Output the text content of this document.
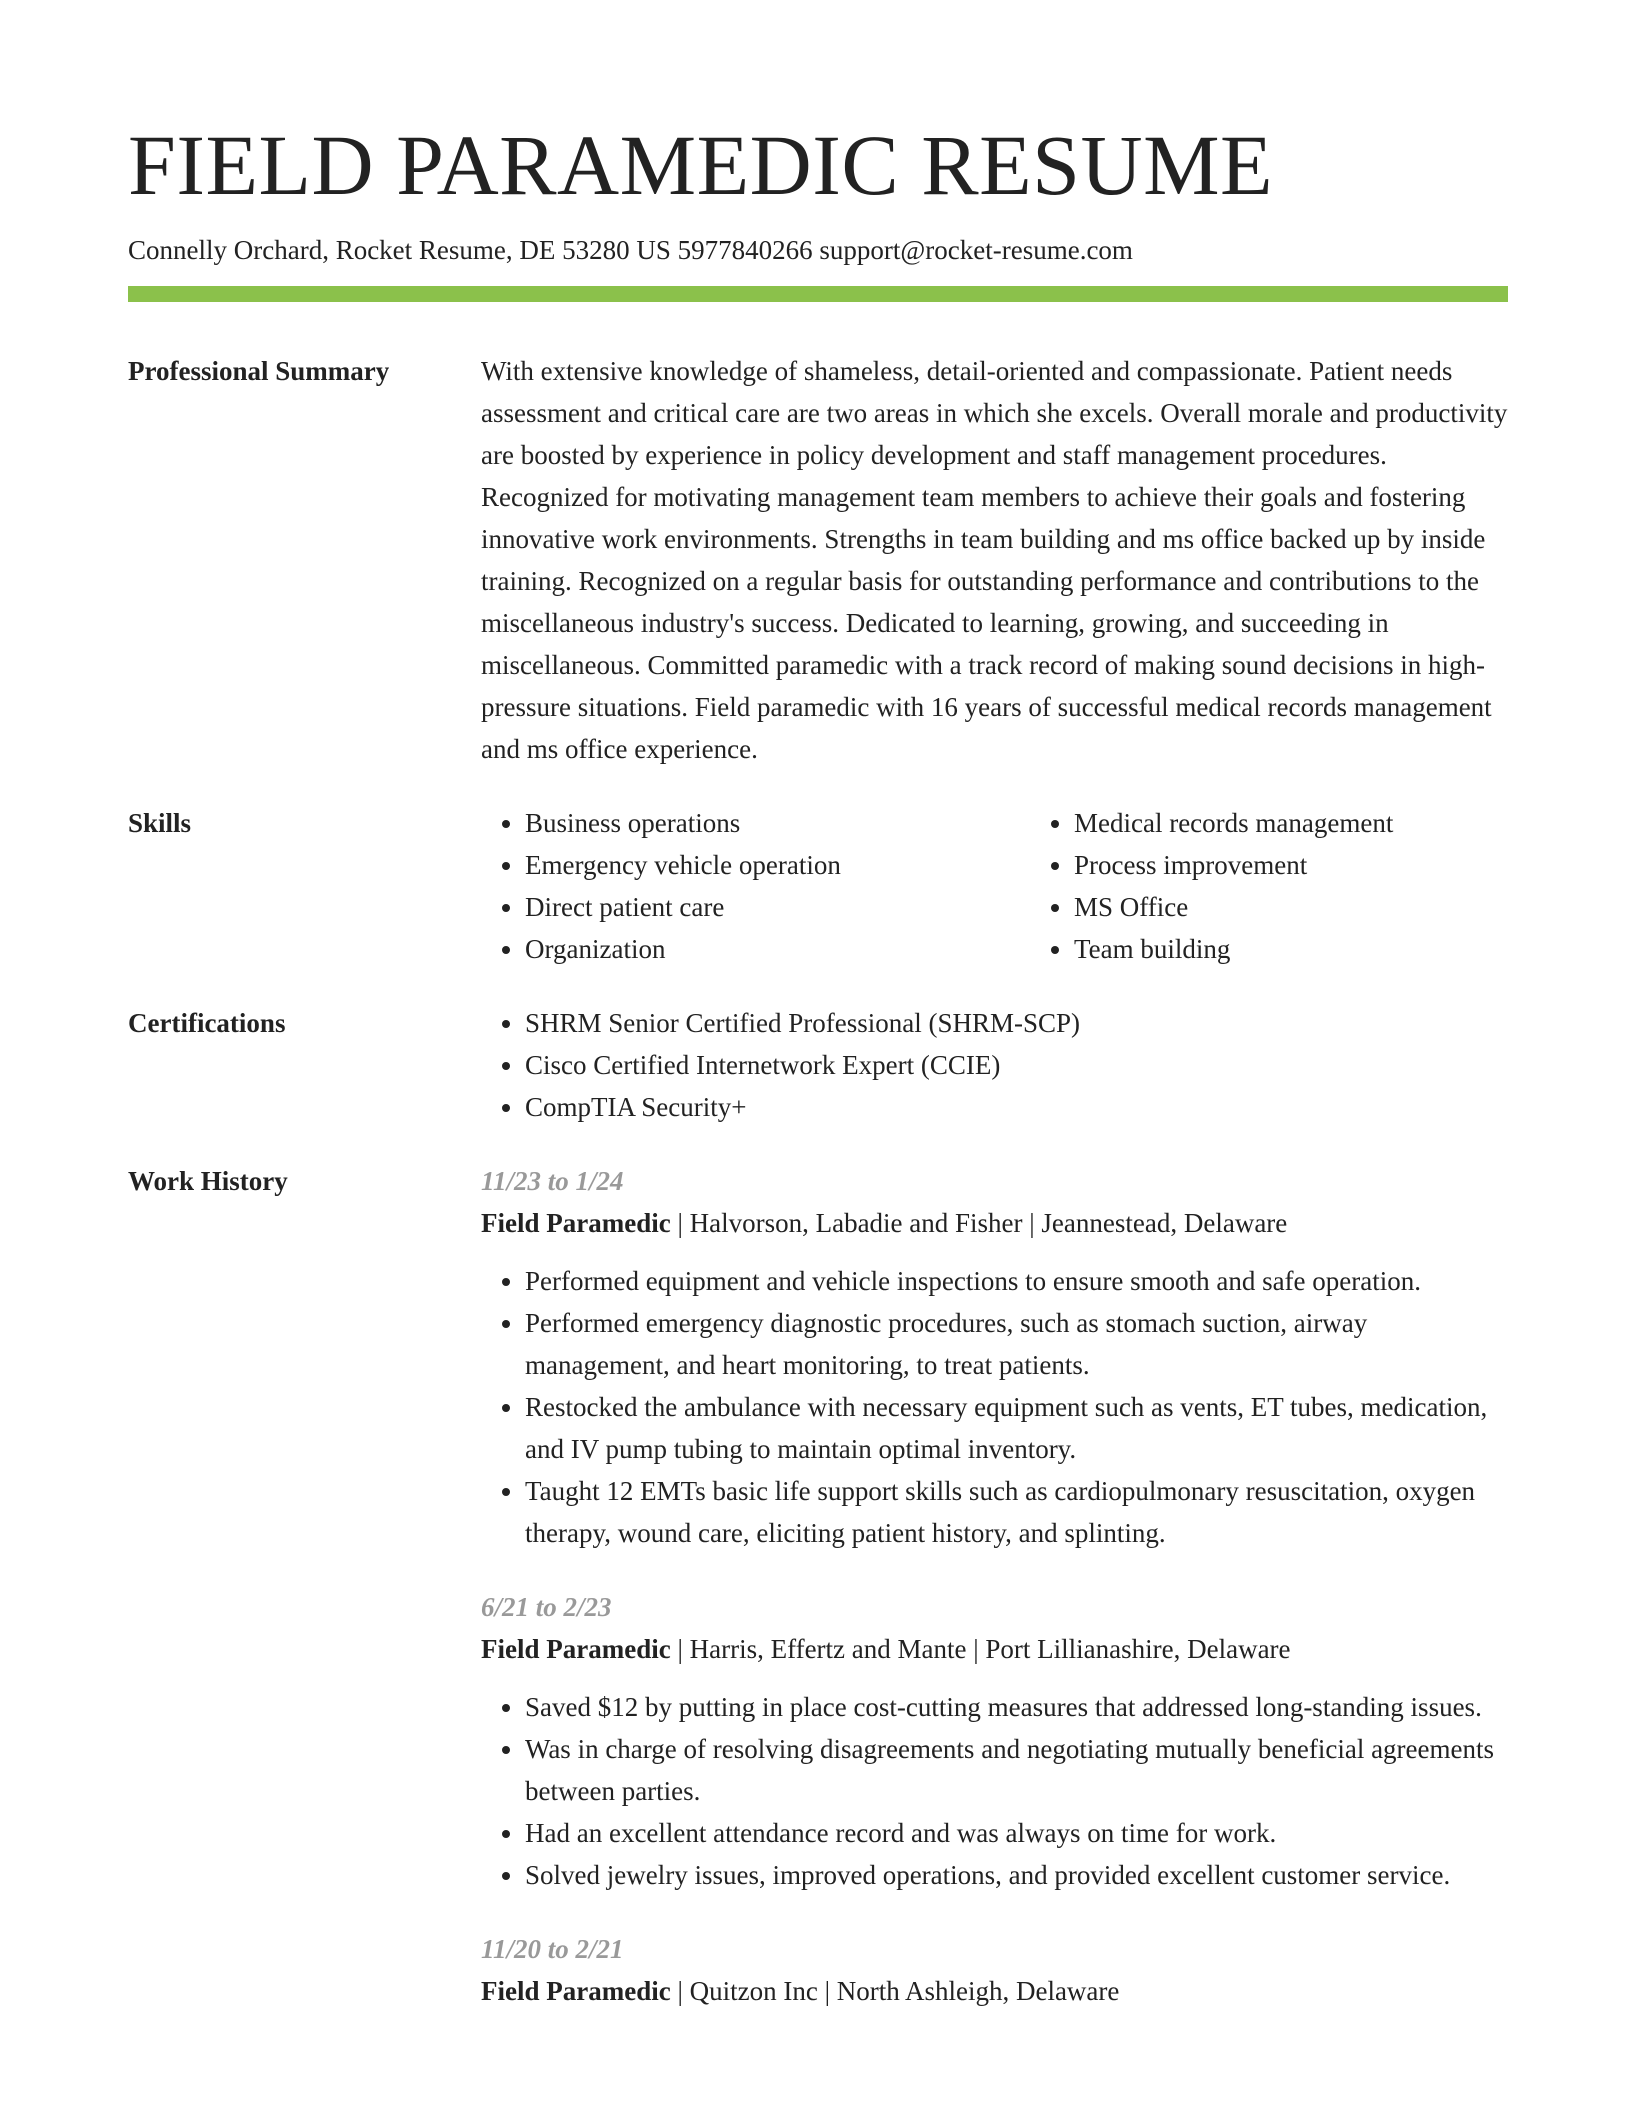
FIELD PARAMEDIC RESUME
Connelly Orchard, Rocket Resume, DE 53280 US 5977840266 support@rocket-resume.com
Professional Summary	With extensive knowledge of shameless, detail-oriented and compassionate. Patient needs assessment and critical care are two areas in which she excels. Overall morale and productivity are boosted by experience in policy development and staff management procedures. Recognized for motivating management team members to achieve their goals and fostering innovative work environments. Strengths in team building and ms office backed up by inside training. Recognized on a regular basis for outstanding performance and contributions to the miscellaneous industry's success. Dedicated to learning, growing, and succeeding in miscellaneous. Committed paramedic with a track record of making sound decisions in high-pressure situations. Field paramedic with 16 years of successful medical records management and ms office experience.

Skills	• Business operations
• Emergency vehicle operation
• Direct patient care
• Organization
• Medical records management
• Process improvement
• MS Office
• Team building
Certifications	• SHRM Senior Certified Professional (SHRM-SCP)
• Cisco Certified Internetwork Expert (CCIE)
• CompTIA Security+
Work History	11/23 to 1/24
Field Paramedic | Halvorson, Labadie and Fisher | Jeannestead, Delaware
• Performed equipment and vehicle inspections to ensure smooth and safe operation.
• Performed emergency diagnostic procedures, such as stomach suction, airway management, and heart monitoring, to treat patients.
• Restocked the ambulance with necessary equipment such as vents, ET tubes, medication, and IV pump tubing to maintain optimal inventory.
• Taught 12 EMTs basic life support skills such as cardiopulmonary resuscitation, oxygen therapy, wound care, eliciting patient history, and splinting.
6/21 to 2/23
Field Paramedic | Harris, Effertz and Mante | Port Lillianashire, Delaware
• Saved $12 by putting in place cost-cutting measures that addressed long-standing issues.
• Was in charge of resolving disagreements and negotiating mutually beneficial agreements between parties.
• Had an excellent attendance record and was always on time for work.
• Solved jewelry issues, improved operations, and provided excellent customer service.
11/20 to 2/21
Field Paramedic | Quitzon Inc | North Ashleigh, Delaware
